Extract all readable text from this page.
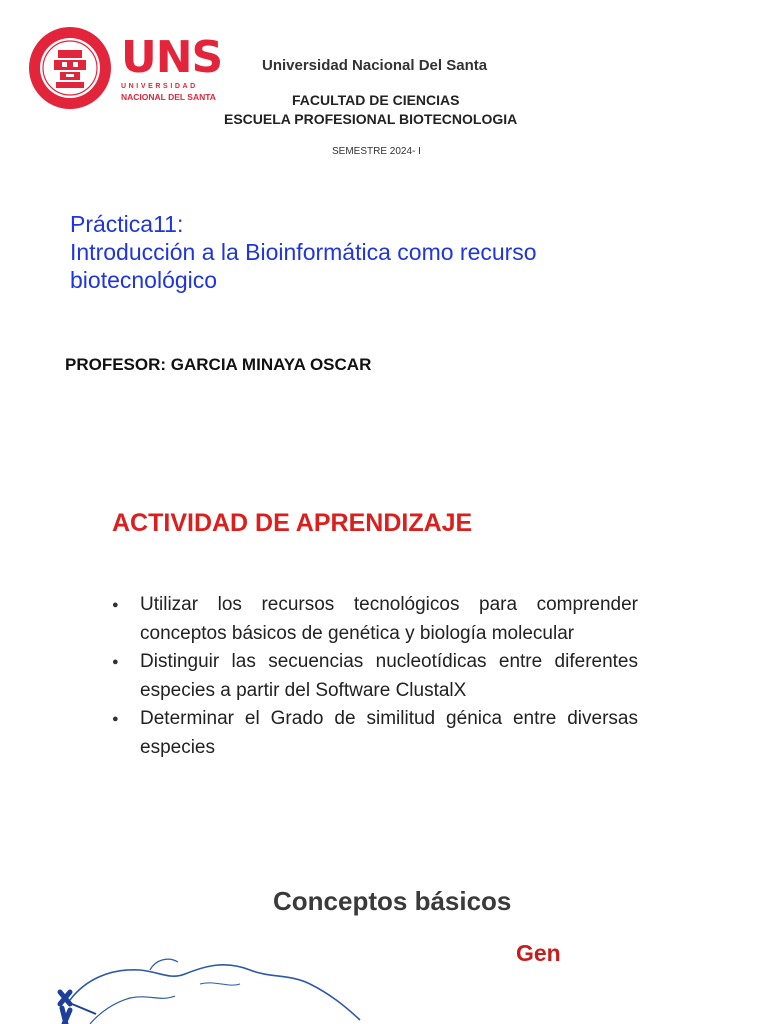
UNS
UNIVERSIDAD
NACIONAL DEL SANTA
Universidad Nacional Del Santa
FACULTAD DE CIENCIAS
ESCUELA PROFESIONAL BIOTECNOLOGIA
SEMESTRE 2024- I
Práctica11:
Introducción a la Bioinformática como recurso biotecnológico
PROFESOR: GARCIA MINAYA OSCAR
ACTIVIDAD DE APRENDIZAJE
● Utilizar los recursos tecnológicos para comprender conceptos básicos de genética y biología molecular
● Distinguir las secuencias nucleotídicas entre diferentes especies a partir del Software ClustalX
● Determinar el Grado de similitud génica entre diversas especies
Conceptos básicos
Gen
